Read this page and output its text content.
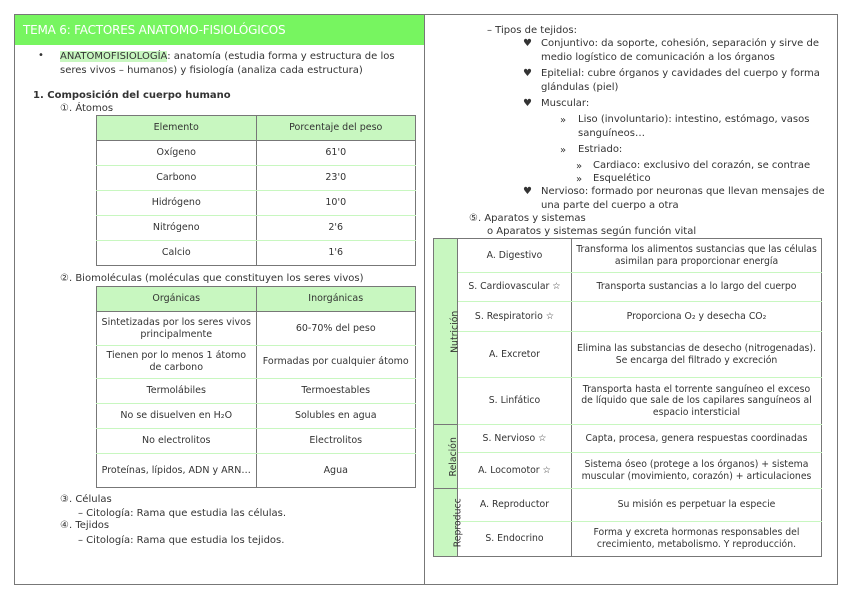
TEMA 6: FACTORES ANATOMO-FISIOLÓGICOS
• ANATOMOFISIOLOGÍA: anatomía (estudia forma y estructura de los
seres vivos – humanos) y fisiología (analiza cada estructura)
1. Composición del cuerpo humano
①. Átomos
Elemento	Porcentaje del peso
Oxígeno	61'0
Carbono	23'0
Hidrógeno	10'0
Nitrógeno	2'6
Calcio	1'6
②. Biomoléculas (moléculas que constituyen los seres vivos)
Orgánicas	Inorgánicas
Sintetizadas por los seres vivos principalmente	60-70% del peso
Tienen por lo menos 1 átomo de carbono	Formadas por cualquier átomo
Termolábiles	Termoestables
No se disuelven en H₂O	Solubles en agua
No electrolitos	Electrolitos
Proteínas, lípidos, ADN y ARN…	Agua
③. Células
– Citología: Rama que estudia las células.
④. Tejidos
– Citología: Rama que estudia los tejidos.
– Tipos de tejidos:
♥ Conjuntivo: da soporte, cohesión, separación y sirve de
medio logístico de comunicación a los órganos
♥ Epitelial: cubre órganos y cavidades del cuerpo y forma
glándulas (piel)
♥ Muscular:
» Liso (involuntario): intestino, estómago, vasos
sanguíneos…
» Estriado:
» Cardiaco: exclusivo del corazón, se contrae
» Esquelético
♥ Nervioso: formado por neuronas que llevan mensajes de
una parte del cuerpo a otra
⑤. Aparatos y sistemas
o Aparatos y sistemas según función vital
Nutrición	A. Digestivo	Transforma los alimentos sustancias que las células asimilan para proporcionar energía
	S. Cardiovascular ☆	Transporta sustancias a lo largo del cuerpo
	S. Respiratorio ☆	Proporciona O₂ y desecha CO₂
	A. Excretor	Elimina las substancias de desecho (nitrogenadas). Se encarga del filtrado y excreción
	S. Linfático	Transporta hasta el torrente sanguíneo el exceso de líquido que sale de los capilares sanguíneos al espacio intersticial
Relación	S. Nervioso ☆	Capta, procesa, genera respuestas coordinadas
	A. Locomotor ☆	Sistema óseo (protege a los órganos) + sistema muscular (movimiento, corazón) + articulaciones
Reproducc	A. Reproductor	Su misión es perpetuar la especie
	S. Endocrino	Forma y excreta hormonas responsables del crecimiento, metabolismo. Y reproducción.
